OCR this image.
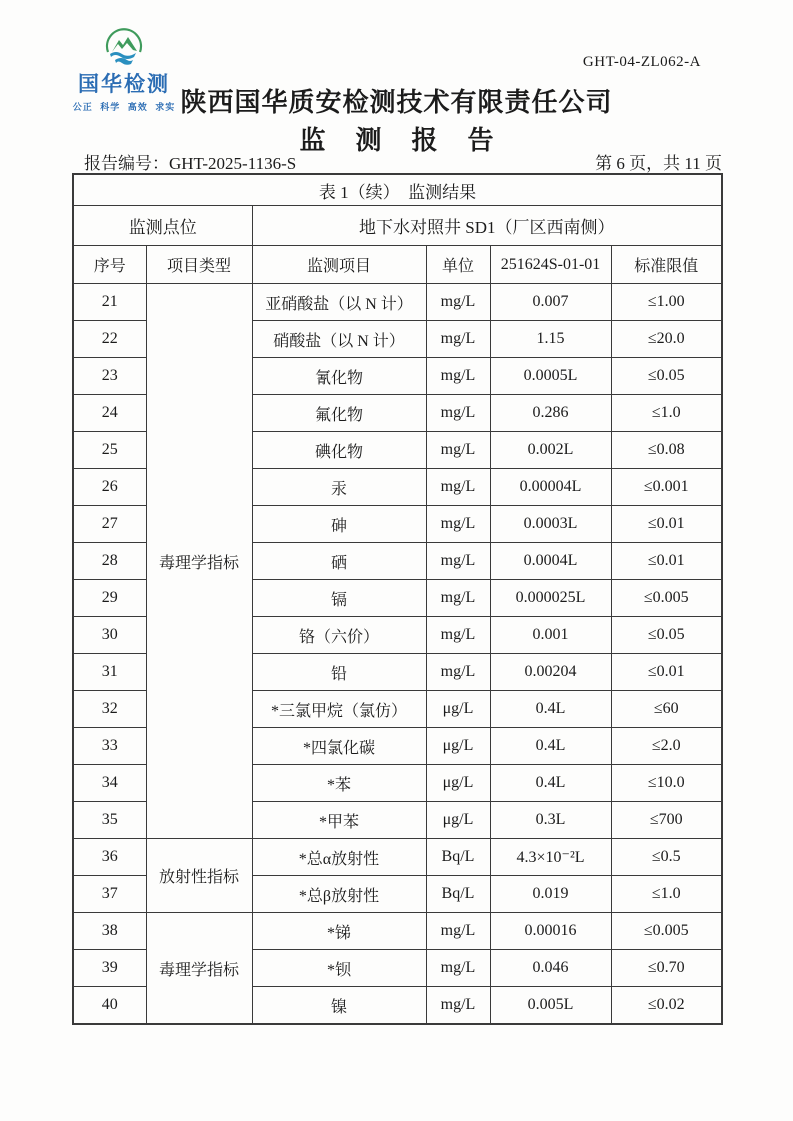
国华检测
公正 科学 高效 求实
GHT-04-ZL062-A
陕西国华质安检测技术有限责任公司
监测报告
报告编号：GHT-2025-1136-S	第 6 页，共 11 页
表 1（续）　监测结果					
监测点位		地下水对照井 SD1（厂区西南侧）			
序号	项目类型	监测项目	单位	251624S-01-01	标准限值
21	毒理学指标	亚硝酸盐（以 N 计）	mg/L	0.007	≤1.00
22		硝酸盐（以 N 计）	mg/L	1.15	≤20.0
23		氰化物	mg/L	0.0005L	≤0.05
24		氟化物	mg/L	0.286	≤1.0
25		碘化物	mg/L	0.002L	≤0.08
26		汞	mg/L	0.00004L	≤0.001
27		砷	mg/L	0.0003L	≤0.01
28		硒	mg/L	0.0004L	≤0.01
29		镉	mg/L	0.000025L	≤0.005
30		铬（六价）	mg/L	0.001	≤0.05
31		铅	mg/L	0.00204	≤0.01
32		*三氯甲烷（氯仿）	μg/L	0.4L	≤60
33		*四氯化碳	μg/L	0.4L	≤2.0
34		*苯	μg/L	0.4L	≤10.0
35		*甲苯	μg/L	0.3L	≤700
36	放射性指标	*总α放射性	Bq/L	4.3×10⁻²L	≤0.5
37		*总β放射性	Bq/L	0.019	≤1.0
38	毒理学指标	*锑	mg/L	0.00016	≤0.005
39		*钡	mg/L	0.046	≤0.70
40		镍	mg/L	0.005L	≤0.02
